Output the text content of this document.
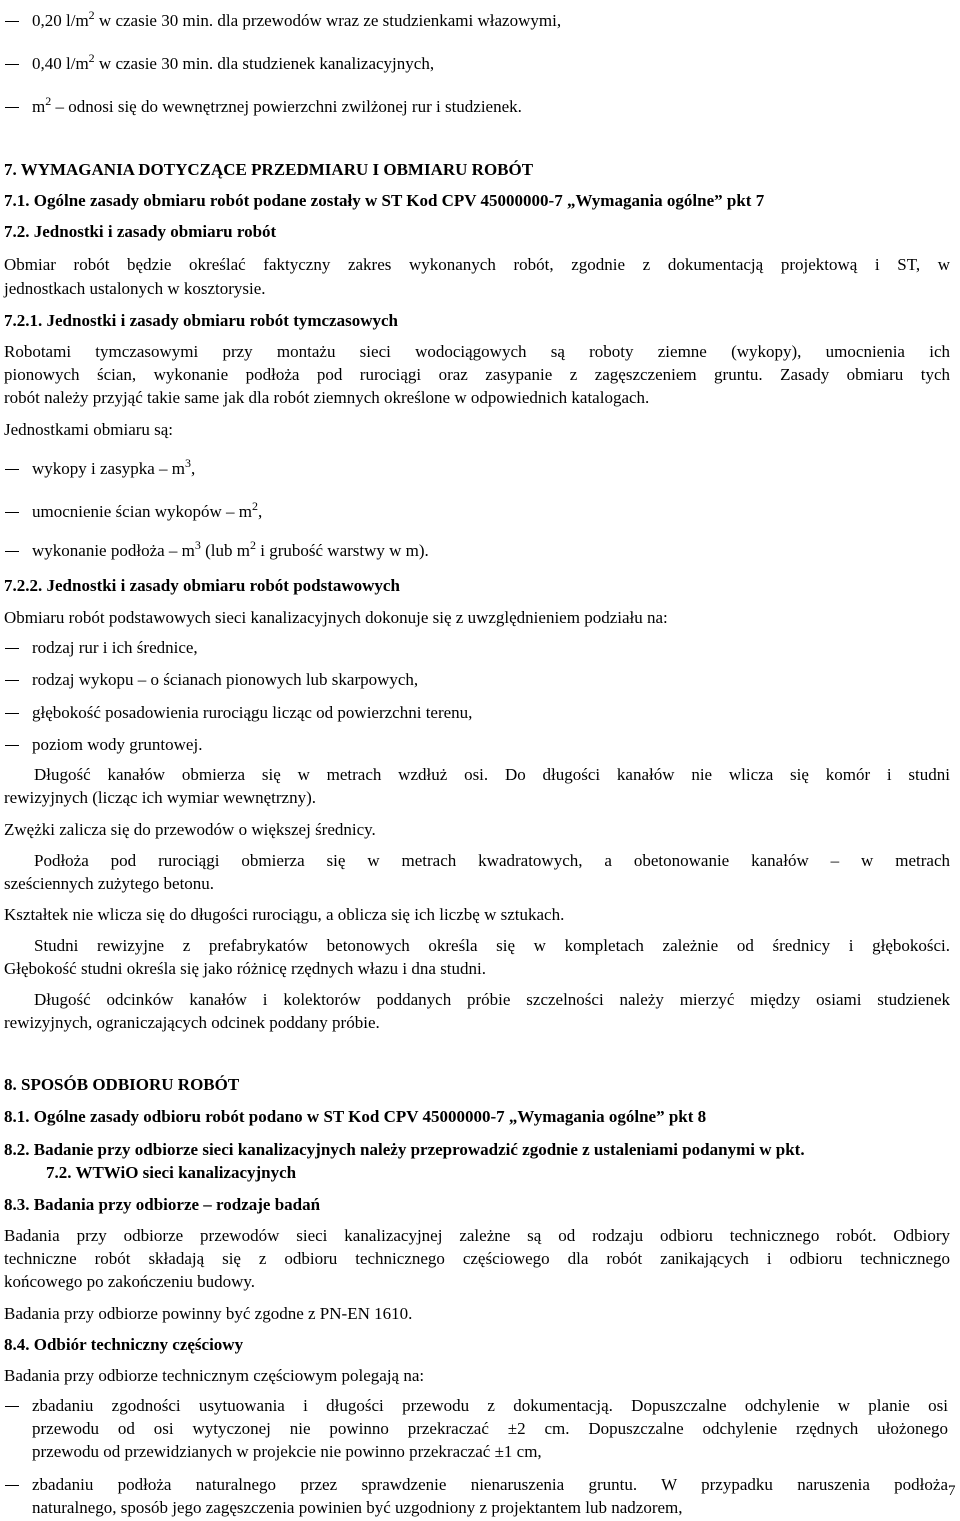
0,20 $l/m^2$ w czasie 30 min. dla przewodów wraz ze studzienkami włazowymi,
0,40 $l/m^2$ w czasie 30 min. dla studzienek kanalizacyjnych,
$m^2$ – odnosi się do wewnętrznej powierzchni zwilżonej rur i studzienek.
7. WYMAGANIA DOTYCZĄCE PRZEDMIARU I OBMIARU ROBÓT
7.1. Ogólne zasady obmiaru robót podane zostały w ST Kod CPV 45000000-7 „Wymagania ogólne” pkt 7
7.2. Jednostki i zasady obmiaru robót
Obmiar robót będzie określać faktyczny zakres wykonanych robót, zgodnie z dokumentacją projektową i ST, w
jednostkach ustalonych w kosztorysie.
7.2.1. Jednostki i zasady obmiaru robót tymczasowych
Robotami tymczasowymi przy montażu sieci wodociągowych są roboty ziemne (wykopy), umocnienia ich
pionowych ścian, wykonanie podłoża pod rurociągi oraz zasypanie z zagęszczeniem gruntu. Zasady obmiaru tych
robót należy przyjąć takie same jak dla robót ziemnych określone w odpowiednich katalogach.
Jednostkami obmiaru są:
wykopy i zasypka – $m^3$,
umocnienie ścian wykopów – $m^2$,
wykonanie podłoża – $m^3$ (lub $m^2$ i grubość warstwy w m).
7.2.2. Jednostki i zasady obmiaru robót podstawowych
Obmiaru robót podstawowych sieci kanalizacyjnych dokonuje się z uwzględnieniem podziału na:
rodzaj rur i ich średnice,
rodzaj wykopu – o ścianach pionowych lub skarpowych,
głębokość posadowienia rurociągu licząc od powierzchni terenu,
poziom wody gruntowej.
Długość kanałów obmierza się w metrach wzdłuż osi. Do długości kanałów nie wlicza się komór i studni
rewizyjnych (licząc ich wymiar wewnętrzny).
Zwężki zalicza się do przewodów o większej średnicy.
Podłoża pod rurociągi obmierza się w metrach kwadratowych, a obetonowanie kanałów – w metrach
sześciennych zużytego betonu.
Kształtek nie wlicza się do długości rurociągu, a oblicza się ich liczbę w sztukach.
Studni rewizyjne z prefabrykatów betonowych określa się w kompletach zależnie od średnicy i głębokości.
Głębokość studni określa się jako różnicę rzędnych włazu i dna studni.
Długość odcinków kanałów i kolektorów poddanych próbie szczelności należy mierzyć między osiami studzienek
rewizyjnych, ograniczających odcinek poddany próbie.
8. SPOSÓB ODBIORU ROBÓT
8.1. Ogólne zasady odbioru robót podano w ST Kod CPV 45000000-7 „Wymagania ogólne” pkt 8
8.2. Badanie przy odbiorze sieci kanalizacyjnych należy przeprowadzić zgodnie z ustaleniami podanymi w pkt.
7.2. WTWiO sieci kanalizacyjnych
8.3. Badania przy odbiorze – rodzaje badań
Badania przy odbiorze przewodów sieci kanalizacyjnej zależne są od rodzaju odbioru technicznego robót. Odbiory
techniczne robót składają się z odbioru technicznego częściowego dla robót zanikających i odbioru technicznego
końcowego po zakończeniu budowy.
Badania przy odbiorze powinny być zgodne z PN-EN 1610.
8.4. Odbiór techniczny częściowy
Badania przy odbiorze technicznym częściowym polegają na:
zbadaniu zgodności usytuowania i długości przewodu z dokumentacją. Dopuszczalne odchylenie w planie osi
przewodu od osi wytyczonej nie powinno przekraczać ±2 cm. Dopuszczalne odchylenie rzędnych ułożonego
przewodu od przewidzianych w projekcie nie powinno przekraczać ±1 cm,
zbadaniu podłoża naturalnego przez sprawdzenie nienaruszenia gruntu. W przypadku naruszenia podłoża
naturalnego, sposób jego zagęszczenia powinien być uzgodniony z projektantem lub nadzorem,
7
